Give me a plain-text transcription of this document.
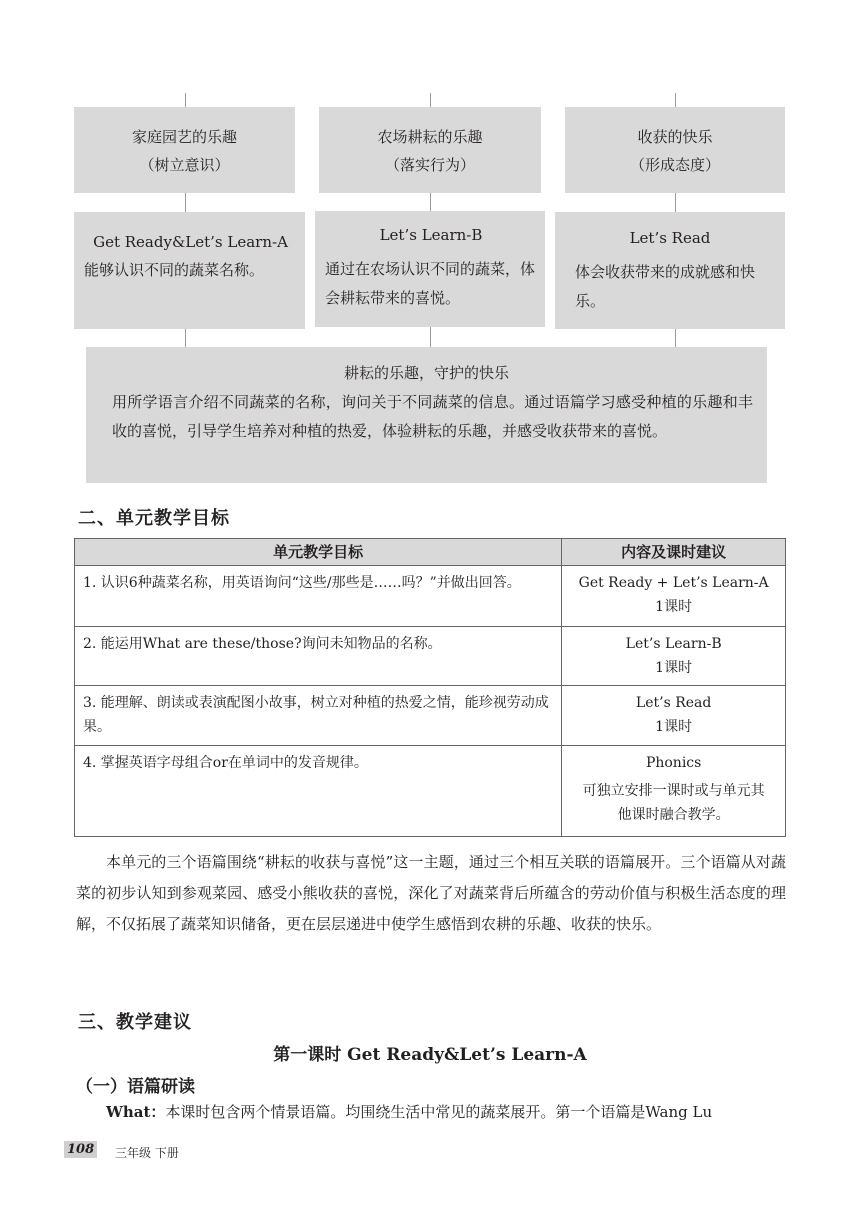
家庭园艺的乐趣
（树立意识）
农场耕耘的乐趣
（落实行为）
收获的快乐
（形成态度）
Get Ready&Let’s Learn-A
能够认识不同的蔬菜名称。
Let’s Learn-B
通过在农场认识不同的蔬菜，体会耕耘带来的喜悦。
Let’s Read
体会收获带来的成就感和快乐。
耕耘的乐趣，守护的快乐
用所学语言介绍不同蔬菜的名称，询问关于不同蔬菜的信息。通过语篇学习感受种植的乐趣和丰收的喜悦，引导学生培养对种植的热爱，体验耕耘的乐趣，并感受收获带来的喜悦。
二、单元教学目标
单元教学目标	内容及课时建议
1. 认识6种蔬菜名称，用英语询问“这些/那些是……吗？”并做出回答。	Get Ready + Let’s Learn-A
1课时

2. 能运用What are these/those?询问未知物品的名称。	Let’s Learn-B
1课时

3. 能理解、朗读或表演配图小故事，树立对种植的热爱之情，能珍视劳动成果。	Let’s Read
1课时

4. 掌握英语字母组合or在单词中的发音规律。	Phonics
可独立安排一课时或与单元其他课时融合教学。
本单元的三个语篇围绕“耕耘的收获与喜悦”这一主题，通过三个相互关联的语篇展开。三个语篇从对蔬菜的初步认知到参观菜园、感受小熊收获的喜悦，深化了对蔬菜背后所蕴含的劳动价值与积极生活态度的理解，不仅拓展了蔬菜知识储备，更在层层递进中使学生感悟到农耕的乐趣、收获的快乐。
三、教学建议
第一课时 Get Ready&Let’s Learn-A
（一）语篇研读
What：本课时包含两个情景语篇。均围绕生活中常见的蔬菜展开。第一个语篇是Wang Lu
108 三年级 下册
